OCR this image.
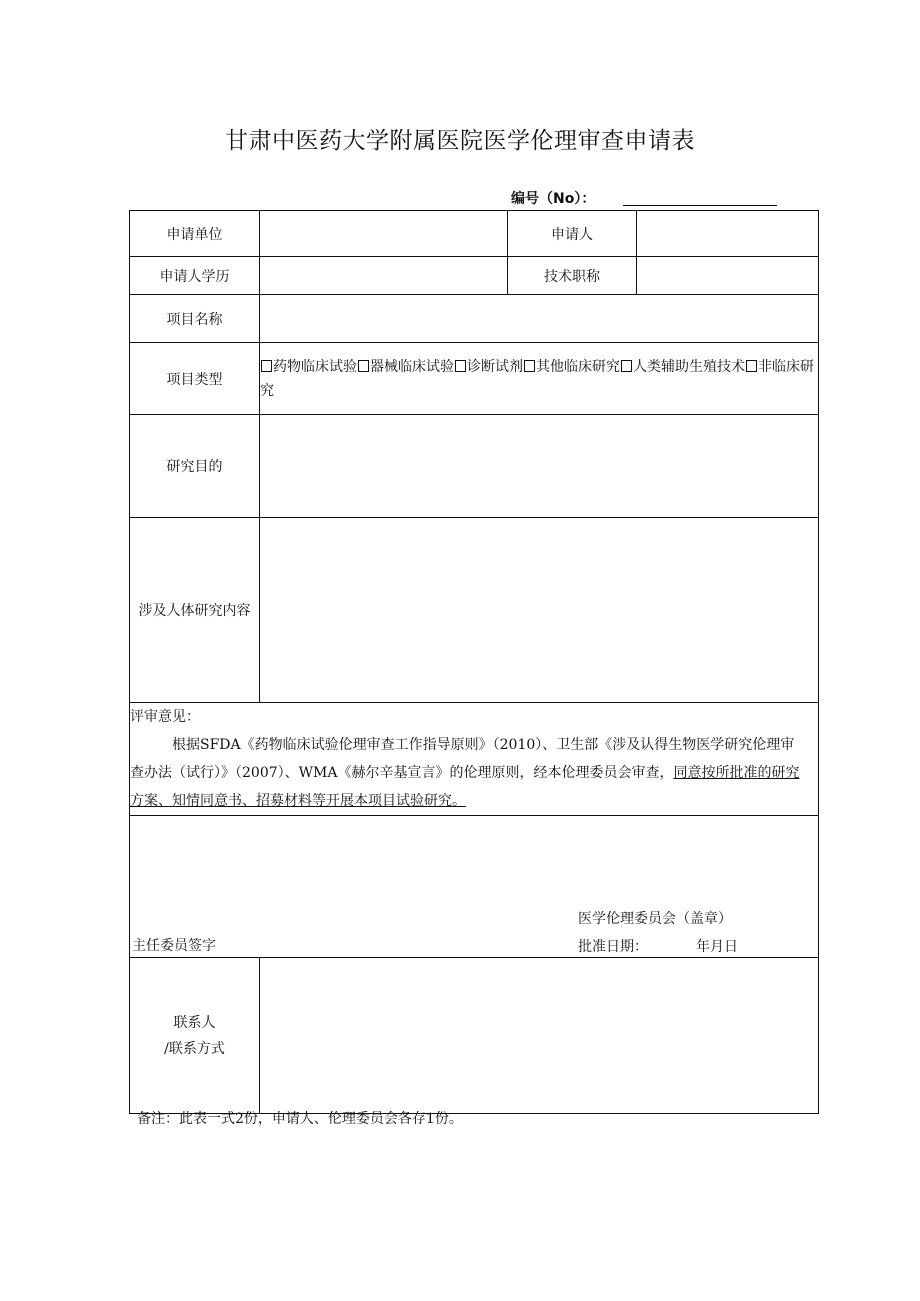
甘肃中医药大学附属医院医学伦理审查申请表
编号（No）：
申请单位		申请人	
申请人学历		技术职称	
项目名称			
项目类型	药物临床试验 器械临床试验 诊断试剂 其他临床研究 人类辅助生殖技术 非临床研究		
研究目的			
涉及人体研究内容			

评审意见：
根据SFDA《药物临床试验伦理审查工作指导原则》（2010）、卫生部《涉及认得生物医学研究伦理审查办法（试行）》（2007）、WMA《赫尔辛基宣言》的伦理原则，经本伦理委员会审查，同意按所批准的研究方案、知情同意书、招募材料等开展本项目试验研究。			

医学伦理委员会（盖章）
批准日期： 年月日
主任委员签字			

联系人
/联系方式			

备注：此表一式2份，申请人、伦理委员会各存1份。
